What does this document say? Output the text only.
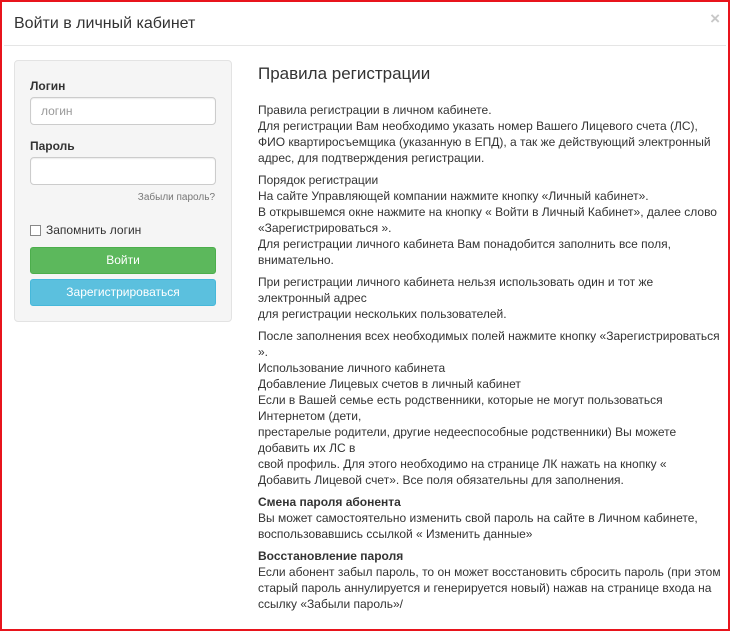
Войти в личный кабинет	×
Логин
логин
Пароль
Забыли пароль?
Запомнить логин
Войти
Зарегистрироваться
Правила регистрации

Правила регистрации в личном кабинете.
Для регистрации Вам необходимо указать номер Вашего Лицевого счета (ЛС), ФИО квартиросъемщика (указанную в ЕПД), а так же действующий электронный адрес, для подтверждения регистрации.

Порядок регистрации
На сайте Управляющей компании нажмите кнопку «Личный кабинет».
В открывшемся окне нажмите на кнопку « Войти в Личный Кабинет», далее слово «Зарегистрироваться ».
Для регистрации личного кабинета Вам понадобится заполнить все поля, внимательно.

При регистрации личного кабинета нельзя использовать один и тот же электронный адрес
для регистрации нескольких пользователей.

После заполнения всех необходимых полей нажмите кнопку «Зарегистрироваться ».
Использование личного кабинета
Добавление Лицевых счетов в личный кабинет
Если в Вашей семье есть родственники, которые не могут пользоваться Интернетом (дети,
престарелые родители, другие недееспособные родственники) Вы можете добавить их ЛС в
свой профиль. Для этого необходимо на странице ЛК нажать на кнопку « Добавить Лицевой счет». Все поля обязательны для заполнения.

Смена пароля абонента
Вы может самостоятельно изменить свой пароль на сайте в Личном кабинете,
воспользовавшись ссылкой « Изменить данные»

Восстановление пароля
Если абонент забыл пароль, то он может восстановить сбросить пароль (при этом
старый пароль аннулируется и генерируется новый) нажав на странице входа на ссылку «Забыли пароль»/
